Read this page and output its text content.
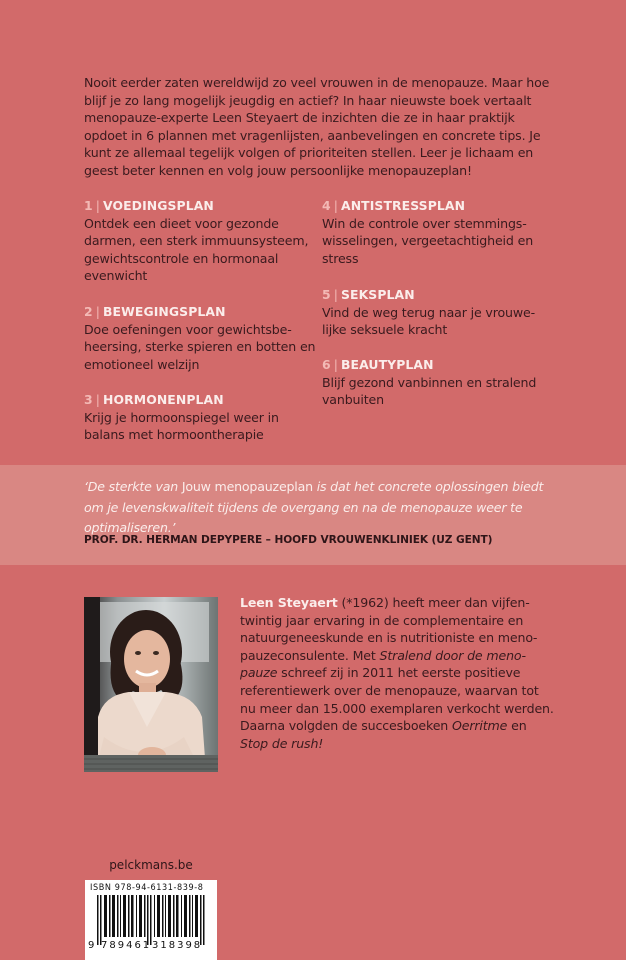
Nooit eerder zaten wereldwijd zo veel vrouwen in de menopauze. Maar hoe blijf je zo lang mogelijk jeugdig en actief? In haar nieuwste boek vertaalt menopauze-experte Leen Steyaert de inzichten die ze in haar praktijk opdoet in 6 plannen met vragenlijsten, aanbevelingen en concrete tips. Je kunt ze allemaal tegelijk volgen of prioriteiten stellen. Leer je lichaam en geest beter kennen en volg jouw persoonlijke menopauzeplan!
1 | VOEDINGSPLAN
Ontdek een dieet voor gezonde darmen, een sterk immuunsysteem, gewichtscontrole en hormonaal evenwicht
2 | BEWEGINGSPLAN
Doe oefeningen voor gewichtsbeheersing, sterke spieren en botten en emotioneel welzijn
3 | HORMONENPLAN
Krijg je hormoonspiegel weer in balans met hormoontherapie
4 | ANTISTRESSPLAN
Win de controle over stemmingswisselingen, vergeetachtigheid en stress
5 | SEKSPLAN
Vind de weg terug naar je vrouwelijke seksuele kracht
6 | BEAUTYPLAN
Blijf gezond vanbinnen en stralend vanbuiten
‘De sterkte van Jouw menopauzeplan is dat het concrete oplossingen biedt om je levenskwaliteit tijdens de overgang en na de menopauze weer te optimaliseren.’
PROF. DR. HERMAN DEPYPERE – HOOFD VROUWENKLINIEK (UZ GENT)
Leen Steyaert (*1962) heeft meer dan vijfentwintig jaar ervaring in de complementaire en natuurgeneeskunde en is nutritioniste en menopauzeconsulente. Met Stralend door de menopauze schreef zij in 2011 het eerste positieve referentiewerk over de menopauze, waarvan tot nu meer dan 15.000 exemplaren verkocht werden. Daarna volgden de succesboeken Oerritme en Stop de rush!
pelckmans.be
ISBN 978-94-6131-839-8
9 789461 318398
